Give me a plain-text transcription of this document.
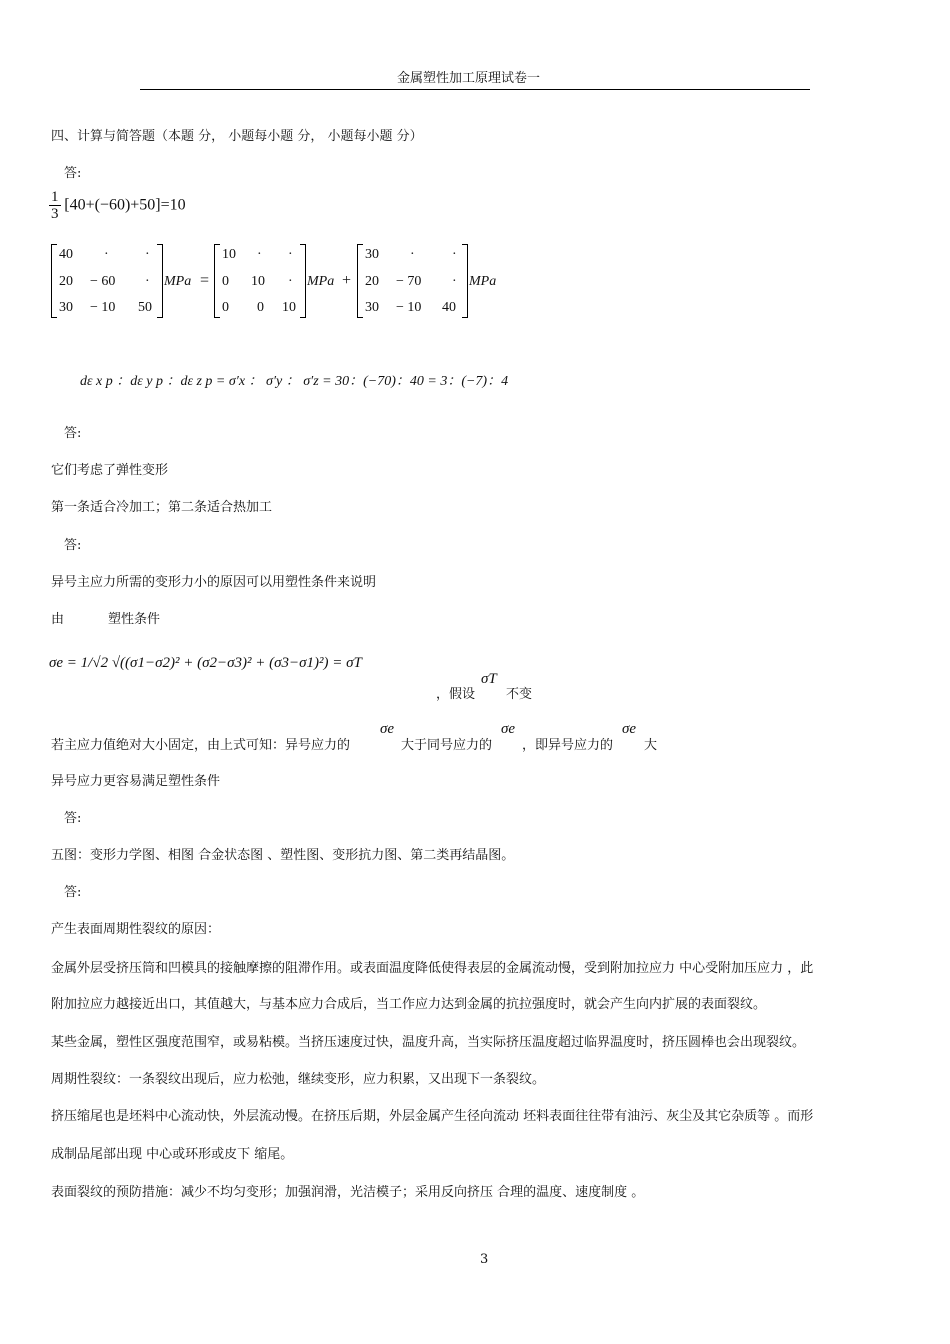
金属塑性加工原理试卷一
四、计算与简答题（本题 分， 小题每小题 分， 小题每小题 分）
答:
$\frac{1}{3} [40+(-60)+50]=10$
40 ·	·
20 − 60 ·
30 − 10 50
MPa =
10 · ·
0 10 ·
0 0 10
MPa +
30 ·	·
20 − 70 ·
30 − 10 40
MPa
dε x p ：dε y p ：dε z p = σ′x ： σ′y ： σ′z = 30：(−70)：40 = 3：(−7)：4
答:
它们考虑了弹性变形
第一条适合冷加工；第二条适合热加工
答:
异号主应力所需的变形力小的原因可以用塑性条件来说明
由	塑性条件
σe = 1/√2 √((σ1−σ2)² + (σ2−σ3)² + (σ3−σ1)²) = σT
，假设
σT
不变
若主应力值绝对大小固定，由上式可知：异号应力的
σe
大于同号应力的
σe
，即异号应力的
σe
大
异号应力更容易满足塑性条件
答:
五图：变形力学图、相图 合金状态图 、塑性图、变形抗力图、第二类再结晶图。
答:
产生表面周期性裂纹的原因：
金属外层受挤压筒和凹模具的接触摩擦的阻滞作用。或表面温度降低使得表层的金属流动慢，受到附加拉应力 中心受附加压应力 ，此
附加拉应力越接近出口，其值越大，与基本应力合成后，当工作应力达到金属的抗拉强度时，就会产生向内扩展的表面裂纹。
某些金属，塑性区强度范围窄，或易粘模。当挤压速度过快，温度升高，当实际挤压温度超过临界温度时，挤压圆棒也会出现裂纹。
周期性裂纹：一条裂纹出现后，应力松弛，继续变形，应力积累，又出现下一条裂纹。
挤压缩尾也是坯料中心流动快，外层流动慢。在挤压后期，外层金属产生径向流动 坯料表面往往带有油污、灰尘及其它杂质等 。而形
成制品尾部出现 中心或环形或皮下 缩尾。
表面裂纹的预防措施：减少不均匀变形；加强润滑，光洁模子；采用反向挤压 合理的温度、速度制度 。
3
